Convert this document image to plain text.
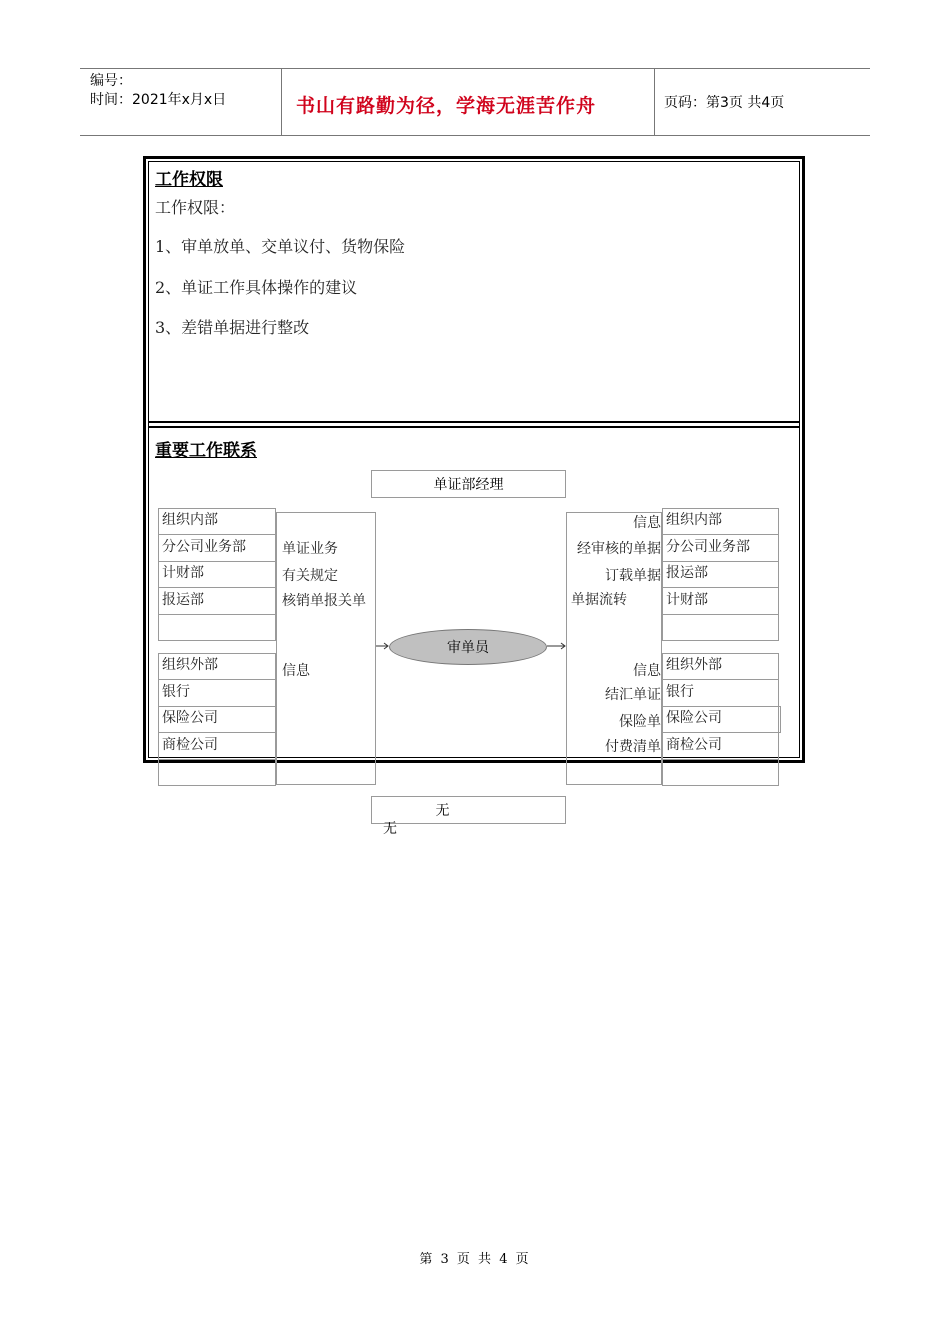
编号：
时间：2021年x月x日	书山有路勤为径，学海无涯苦作舟	页码：第3页 共4页
工作权限
工作权限：
1、审单放单、交单议付、货物保险
2、单证工作具体操作的建议
3、差错单据进行整改
重要工作联系
单证部经理
组织内部
分公司业务部
计财部
报运部
组织外部
银行
保险公司
商检公司
单证业务
有关规定
核销单报关单
信息
审单员
信息
经审核的单据
订载单据
单据流转
信息
结汇单证
保险单
付费清单
组织内部
分公司业务部
报运部
计财部
组织外部
银行
保险公司
商检公司
无
无
第 3 页 共 4 页
